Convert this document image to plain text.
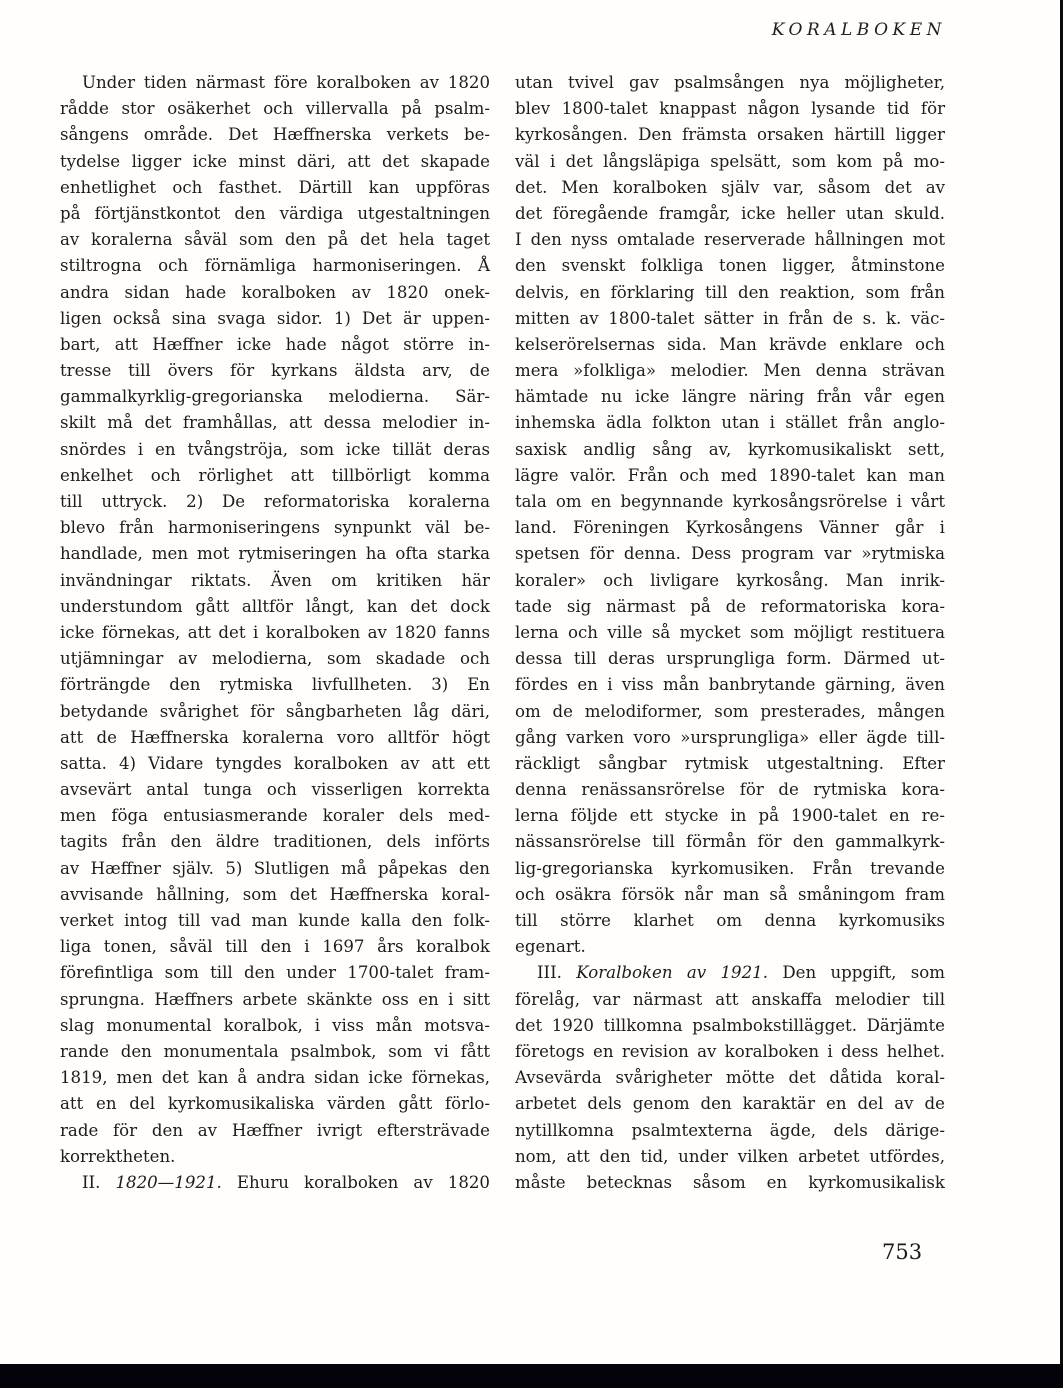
KORALBOKEN
Under tiden närmast före koralboken av 1820
rådde stor osäkerhet och villervalla på psalm-
sångens område. Det Hæffnerska verkets be-
tydelse ligger icke minst däri, att det skapade
enhetlighet och fasthet. Därtill kan uppföras
på förtjänstkontot den värdiga utgestaltningen
av koralerna såväl som den på det hela taget
stiltrogna och förnämliga harmoniseringen. Å
andra sidan hade koralboken av 1820 onek-
ligen också sina svaga sidor. 1) Det är uppen-
bart, att Hæffner icke hade något större in-
tresse till övers för kyrkans äldsta arv, de
gammalkyrklig-gregorianska melodierna. Sär-
skilt må det framhållas, att dessa melodier in-
snördes i en tvångströja, som icke tillät deras
enkelhet och rörlighet att tillbörligt komma
till uttryck. 2) De reformatoriska koralerna
blevo från harmoniseringens synpunkt väl be-
handlade, men mot rytmiseringen ha ofta starka
invändningar riktats. Även om kritiken här
understundom gått alltför långt, kan det dock
icke förnekas, att det i koralboken av 1820 fanns
utjämningar av melodierna, som skadade och
förträngde den rytmiska livfullheten. 3) En
betydande svårighet för sångbarheten låg däri,
att de Hæffnerska koralerna voro alltför högt
satta. 4) Vidare tyngdes koralboken av att ett
avsevärt antal tunga och visserligen korrekta
men föga entusiasmerande koraler dels med-
tagits från den äldre traditionen, dels införts
av Hæffner själv. 5) Slutligen må påpekas den
avvisande hållning, som det Hæffnerska koral-
verket intog till vad man kunde kalla den folk-
liga tonen, såväl till den i 1697 års koralbok
förefintliga som till den under 1700-talet fram-
sprungna. Hæffners arbete skänkte oss en i sitt
slag monumental koralbok, i viss mån motsva-
rande den monumentala psalmbok, som vi fått
1819, men det kan å andra sidan icke förnekas,
att en del kyrkomusikaliska värden gått förlo-
rade för den av Hæffner ivrigt eftersträvade
korrektheten.
II. 1820—1921. Ehuru koralboken av 1820
utan tvivel gav psalmsången nya möjligheter,
blev 1800-talet knappast någon lysande tid för
kyrkosången. Den främsta orsaken härtill ligger
väl i det långsläpiga spelsätt, som kom på mo-
det. Men koralboken själv var, såsom det av
det föregående framgår, icke heller utan skuld.
I den nyss omtalade reserverade hållningen mot
den svenskt folkliga tonen ligger, åtminstone
delvis, en förklaring till den reaktion, som från
mitten av 1800-talet sätter in från de s. k. väc-
kelserörelsernas sida. Man krävde enklare och
mera »folkliga» melodier. Men denna strävan
hämtade nu icke längre näring från vår egen
inhemska ädla folkton utan i stället från anglo-
saxisk andlig sång av, kyrkomusikaliskt sett,
lägre valör. Från och med 1890-talet kan man
tala om en begynnande kyrkosångsrörelse i vårt
land. Föreningen Kyrkosångens Vänner går i
spetsen för denna. Dess program var »rytmiska
koraler» och livligare kyrkosång. Man inrik-
tade sig närmast på de reformatoriska kora-
lerna och ville så mycket som möjligt restituera
dessa till deras ursprungliga form. Därmed ut-
fördes en i viss mån banbrytande gärning, även
om de melodiformer, som presterades, mången
gång varken voro »ursprungliga» eller ägde till-
räckligt sångbar rytmisk utgestaltning. Efter
denna renässansrörelse för de rytmiska kora-
lerna följde ett stycke in på 1900-talet en re-
nässansrörelse till förmån för den gammalkyrk-
lig-gregorianska kyrkomusiken. Från trevande
och osäkra försök når man så småningom fram
till större klarhet om denna kyrkomusiks
egenart.
III. Koralboken av 1921. Den uppgift, som
förelåg, var närmast att anskaffa melodier till
det 1920 tillkomna psalmbokstillägget. Därjämte
företogs en revision av koralboken i dess helhet.
Avsevärda svårigheter mötte det dåtida koral-
arbetet dels genom den karaktär en del av de
nytillkomna psalmtexterna ägde, dels därige-
nom, att den tid, under vilken arbetet utfördes,
måste betecknas såsom en kyrkomusikalisk
753
